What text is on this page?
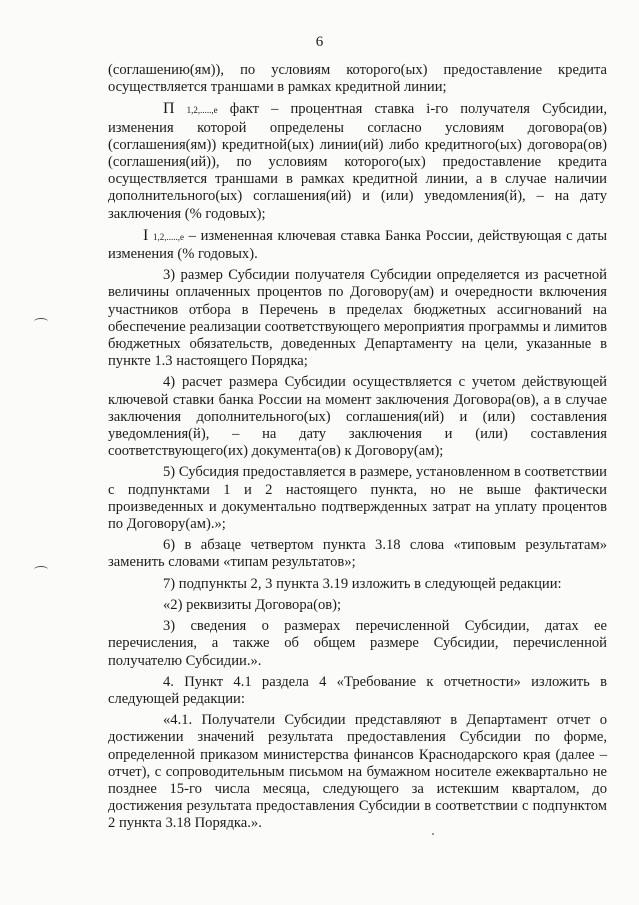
6

(соглашению(ям)), по условиям которого(ых) предоставление кредита осуществляется траншами в рамках кредитной линии;

П 1,2,.....,e факт – процентная ставка i-го получателя Субсидии, изменения которой определены согласно условиям договора(ов) (соглашения(ям)) кредитной(ых) линии(ий) либо кредитного(ых) договора(ов) (соглашения(ий)), по условиям которого(ых) предоставление кредита осуществляется траншами в рамках кредитной линии, а в случае наличии дополнительного(ых) соглашения(ий) и (или) уведомления(й), – на дату заключения (% годовых);

I 1,2,.....,e – измененная ключевая ставка Банка России, действующая с даты изменения (% годовых).

3) размер Субсидии получателя Субсидии определяется из расчетной величины оплаченных процентов по Договору(ам) и очередности включения участников отбора в Перечень в пределах бюджетных ассигнований на обеспечение реализации соответствующего мероприятия программы и лимитов бюджетных обязательств, доведенных Департаменту на цели, указанные в пункте 1.3 настоящего Порядка;

4) расчет размера Субсидии осуществляется с учетом действующей ключевой ставки банка России на момент заключения Договора(ов), а в случае заключения дополнительного(ых) соглашения(ий) и (или) составления уведомления(й), – на дату заключения и (или) составления соответствующего(их) документа(ов) к Договору(ам);

5) Субсидия предоставляется в размере, установленном в соответствии с подпунктами 1 и 2 настоящего пункта, но не выше фактически произведенных и документально подтвержденных затрат на уплату процентов по Договору(ам).»;

6) в абзаце четвертом пункта 3.18 слова «типовым результатам» заменить словами «типам результатов»;

7) подпункты 2, 3 пункта 3.19 изложить в следующей редакции:

«2) реквизиты Договора(ов);

3) сведения о размерах перечисленной Субсидии, датах ее перечисления, а также об общем размере Субсидии, перечисленной получателю Субсидии.».

4. Пункт 4.1 раздела 4 «Требование к отчетности» изложить в следующей редакции:

«4.1. Получатели Субсидии представляют в Департамент отчет о достижении значений результата предоставления Субсидии по форме, определенной приказом министерства финансов Краснодарского края (далее – отчет), с сопроводительным письмом на бумажном носителе ежеквартально не позднее 15-го числа месяца, следующего за истекшим кварталом, до достижения результата предоставления Субсидии в соответствии с подпунктом 2 пункта 3.18 Порядка.».
